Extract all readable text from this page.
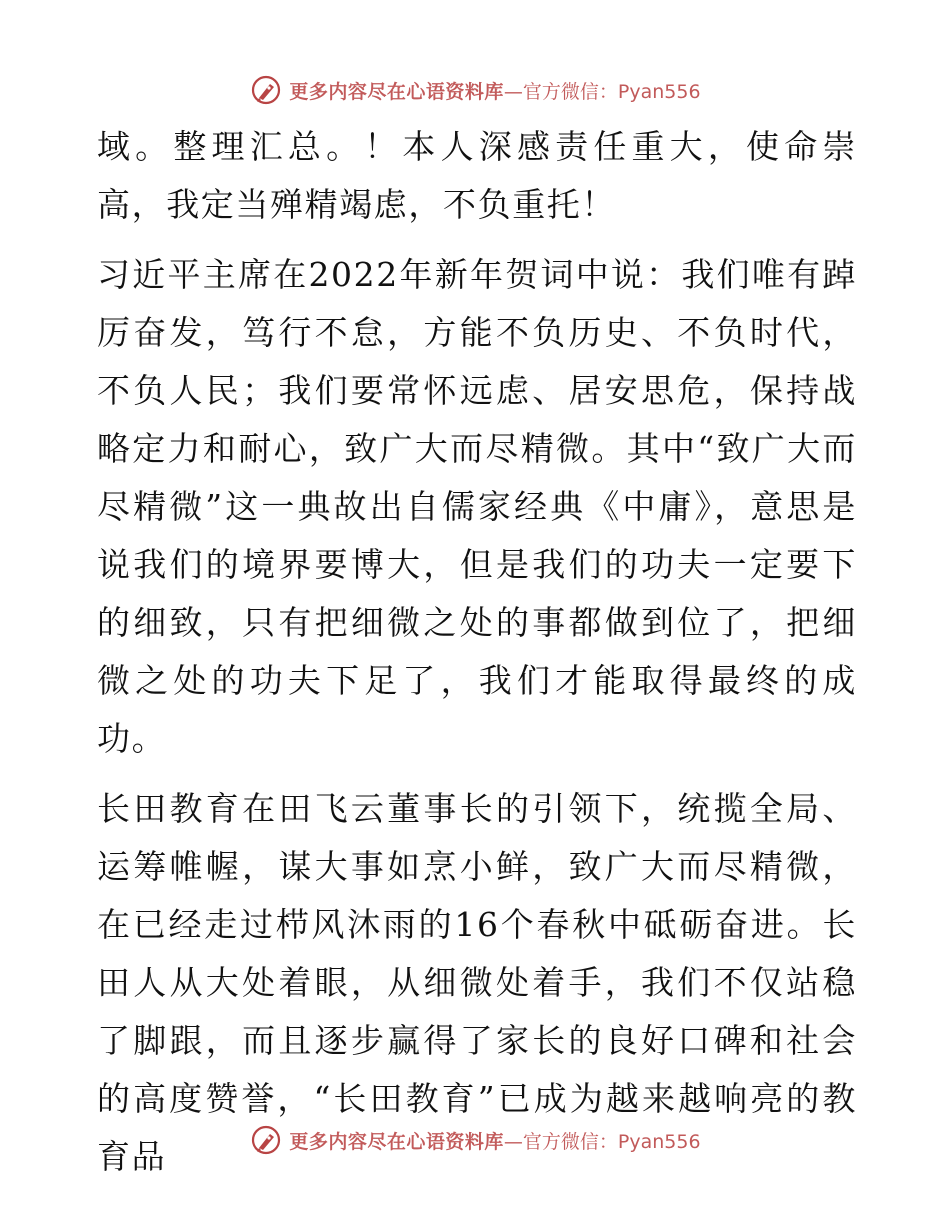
更多内容尽在心语资料库 —官方微信：Pyan556

域。整理汇总。！本人深感责任重大，使命崇高，我定当殚精竭虑，不负重托！

习近平主席在2022年新年贺词中说：我们唯有踔厉奋发，笃行不怠，方能不负历史、不负时代，不负人民；我们要常怀远虑、居安思危，保持战略定力和耐心，致广大而尽精微。其中“致广大而尽精微”这一典故出自儒家经典《中庸》，意思是说我们的境界要博大，但是我们的功夫一定要下的细致，只有把细微之处的事都做到位了，把细微之处的功夫下足了，我们才能取得最终的成功。

长田教育在田飞云董事长的引领下，统揽全局、运筹帷幄，谋大事如烹小鲜，致广大而尽精微，在已经走过栉风沐雨的16个春秋中砥砺奋进。长田人从大处着眼，从细微处着手，我们不仅站稳了脚跟，而且逐步赢得了家长的良好口碑和社会的高度赞誉，“长田教育”已成为越来越响亮的教育品	更多内容尽在心语资料库 —官方微信：Pyan556
